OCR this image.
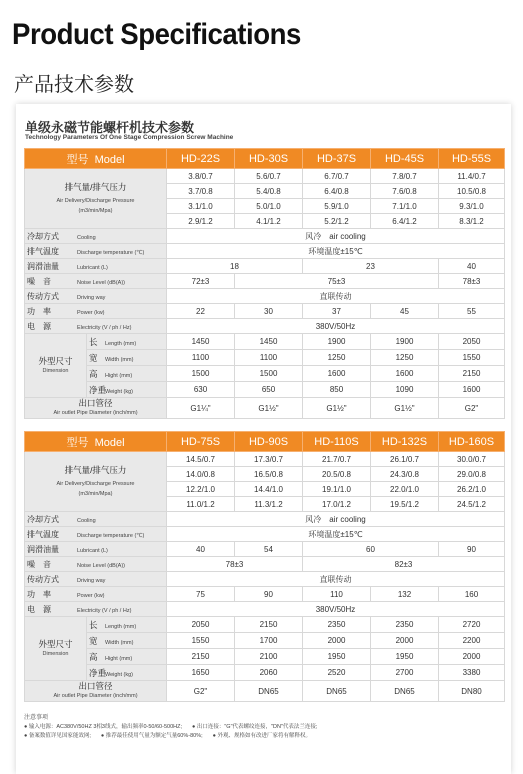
Product Specifications
产品技术参数
单级永磁节能螺杆机技术参数
Technology Parameters Of One Stage Compression Screw Machine
型号 Model		HD-22S	HD-30S	HD-37S	HD-45S	HD-55S

排气量/排气压力
Air Delivery/Discharge Pressure
(m3/min/Mpa)		3.8/0.7	5.6/0.7	6.7/0.7	7.8/0.7	11.4/0.7
		3.7/0.8	5.4/0.8	6.4/0.8	7.6/0.8	10.5/0.8
		3.1/1.0	5.0/1.0	5.9/1.0	7.1/1.0	9.3/1.0
		2.9/1.2	4.1/1.2	5.2/1.2	6.4/1.2	8.3/1.2
冷却方式 Cooling		风冷　air cooling				
排气温度 Discharge temperature (℃)		环境温度±15℃				
润滑油量 Lubricant (L)		18		23		40
噪　音 Noise Level (dB(A))		72±3	75±3			78±3
传动方式 Driving way		直联传动				
功　率 Power (kw)		22	30	37	45	55
电　源 Electricity (V / ph / Hz)		380V/50Hz				

外型尺寸
Dimension	长 Length (mm)	1450	1450	1900	1900	2050
	宽 Width (mm)	1100	1100	1250	1250	1550
	高 Hight (mm)	1500	1500	1600	1600	2150
	净重Weight (kg)	630	650	850	1090	1600

出口管径
Air outlet Pipe Diameter (inch/mm)		G1¼"	G1½"	G1½"	G1½"	G2"
型号 Model		HD-75S	HD-90S	HD-110S	HD-132S	HD-160S

排气量/排气压力
Air Delivery/Discharge Pressure
(m3/min/Mpa)		14.5/0.7	17.3/0.7	21.7/0.7	26.1/0.7	30.0/0.7
		14.0/0.8	16.5/0.8	20.5/0.8	24.3/0.8	29.0/0.8
		12.2/1.0	14.4/1.0	19.1/1.0	22.0/1.0	26.2/1.0
		11.0/1.2	11.3/1.2	17.0/1.2	19.5/1.2	24.5/1.2
冷却方式 Cooling		风冷　air cooling				
排气温度 Discharge temperature (℃)		环境温度±15℃				
润滑油量 Lubricant (L)		40	54	60		90
噪　音 Noise Level (dB(A))		78±3		82±3		
传动方式 Driving way		直联传动				
功　率 Power (kw)		75	90	110	132	160
电　源 Electricity (V / ph / Hz)		380V/50Hz				

外型尺寸
Dimension	长 Length (mm)	2050	2150	2350	2350	2720
	宽 Width (mm)	1550	1700	2000	2000	2200
	高 Hight (mm)	2150	2100	1950	1950	2000
	净重Weight (kg)	1650	2060	2520	2700	3380

出口管径
Air outlet Pipe Diameter (inch/mm)		G2"	DN65	DN65	DN65	DN80
注意事项
● 输入电源：AC380V/50HZ 3相3线式，输出频率0-50/60-500HZ; ● 出口连接："G"代表螺纹连接，"DN"代表法兰连接;
● 备案数值详见国家能效网; ● 推荐最佳使用气量为额定气量60%-80%; ● 外观、规格如有改进厂家将有解释权。
